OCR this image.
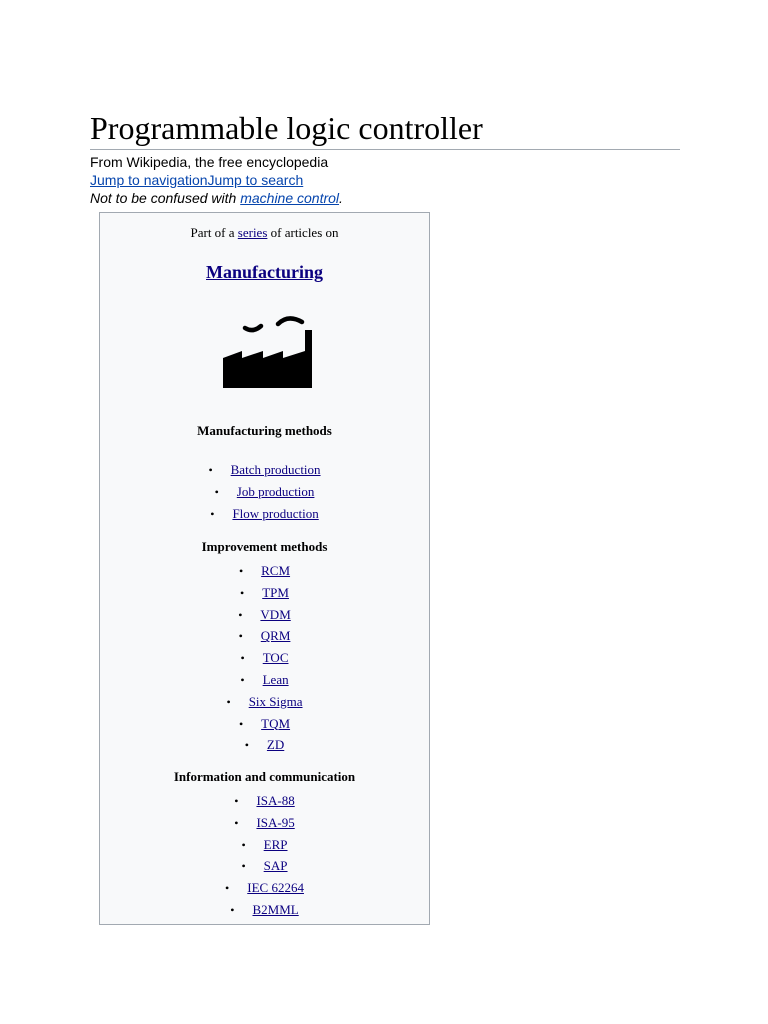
Programmable logic controller
From Wikipedia, the free encyclopedia
Jump to navigationJump to search
Not to be confused with machine control.
Part of a series of articles on
Manufacturing
Manufacturing methods
• Batch production
• Job production
• Flow production
Improvement methods
• RCM
• TPM
• VDM
• QRM
• TOC
• Lean
• Six Sigma
• TQM
• ZD
Information and communication
• ISA-88
• ISA-95
• ERP
• SAP
• IEC 62264
• B2MML
